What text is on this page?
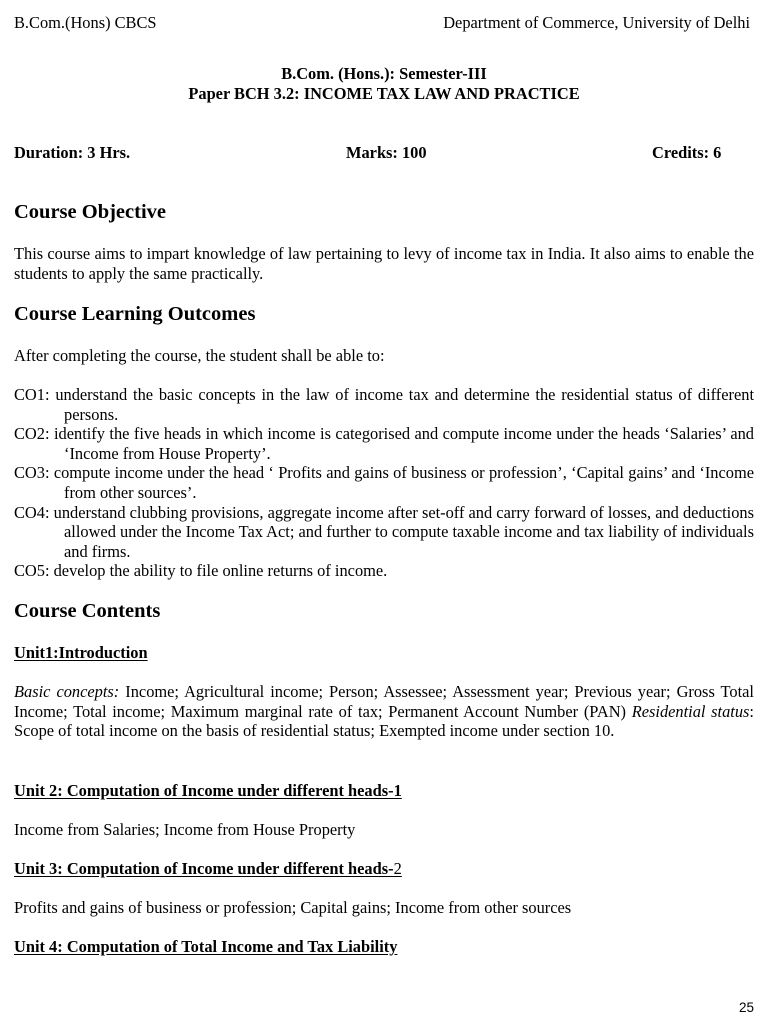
B.Com.(Hons) CBCS	Department of Commerce, University of Delhi
B.Com. (Hons.): Semester-III
Paper BCH 3.2: INCOME TAX LAW AND PRACTICE
Duration: 3 Hrs.	Marks: 100	Credits: 6
Course Objective

This course aims to impart knowledge of law pertaining to levy of income tax in India. It also aims to enable the students to apply the same practically.

Course Learning Outcomes

After completing the course, the student shall be able to:

CO1: understand the basic concepts in the law of income tax and determine the residential status of different persons.
CO2: identify the five heads in which income is categorised and compute income under the heads ‘Salaries’ and ‘Income from House Property’.
CO3: compute income under the head ‘ Profits and gains of business or profession’, ‘Capital gains’ and ‘Income from other sources’.
CO4: understand clubbing provisions, aggregate income after set-off and carry forward of losses, and deductions allowed under the Income Tax Act; and further to compute taxable income and tax liability of individuals and firms.
CO5: develop the ability to file online returns of income.
Course Contents
Unit1:Introduction

Basic concepts: Income; Agricultural income; Person; Assessee; Assessment year; Previous year; Gross Total Income; Total income; Maximum marginal rate of tax; Permanent Account Number (PAN) Residential status: Scope of total income on the basis of residential status; Exempted income under section 10.

Unit 2: Computation of Income under different heads-1
Income from Salaries; Income from House Property
Unit 3: Computation of Income under different heads-2
Profits and gains of business or profession; Capital gains; Income from other sources
Unit 4: Computation of Total Income and Tax Liability
25
